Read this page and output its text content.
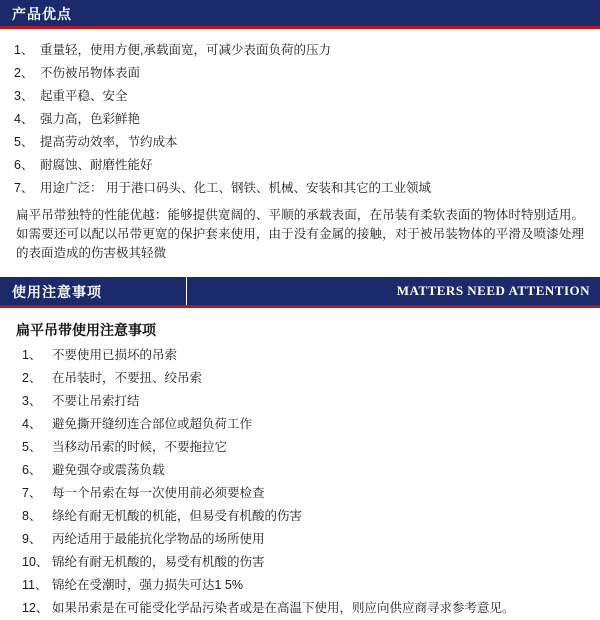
产品优点
1、 重量轻，使用方便,承载面宽，可减少表面负荷的压力
2、 不伤被吊物体表面
3、 起重平稳、安全
4、 强力高，色彩鲜艳
5、 提高劳动效率，节约成本
6、 耐腐蚀、耐磨性能好
7、 用途广泛： 用于港口码头、化工、钢铁、机械、安装和其它的工业领域
扁平吊带独特的性能优越：能够提供宽阔的、平顺的承载表面，在吊装有柔软表面的物体时特别适用。如需要还可以配以吊带更宽的保护套来使用，由于没有金属的接触，对于被吊装物体的平滑及喷漆处理的表面造成的伤害极其轻微
使用注意事项	MATTERS NEED ATTENTION
扁平吊带使用注意事项
1、 不要使用已损坏的吊索
2、 在吊装时，不要扭、绞吊索
3、 不要让吊索打结
4、 避免撕开缝纫连合部位或超负荷工作
5、 当移动吊索的时候，不要拖拉它
6、 避免强夺或震荡负载
7、 每一个吊索在每一次使用前必须要检查
8、 绦纶有耐无机酸的机能，但易受有机酸的伤害
9、 丙纶适用于最能抗化学物品的场所使用
10、 锦纶有耐无机酸的，易受有机酸的伤害
11、 锦纶在受潮时，强力损失可达1 5%
12、 如果吊索是在可能受化学品污染者或是在高温下使用，则应向供应商寻求参考意见。
